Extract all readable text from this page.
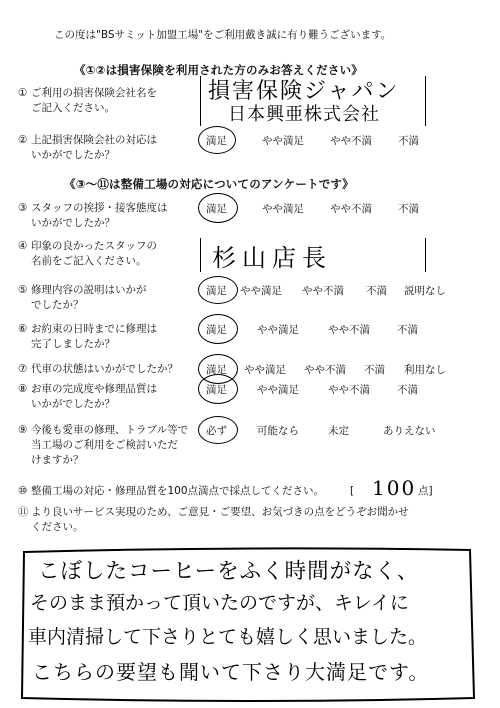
この度は"BSサミット加盟工場"をご利用戴き誠に有り難うございます。
《①②は損害保険を利用された方のみお答えください》
① ご利用の損害保険会社名を
ご記入ください。
損害保険ジャパン
日本興亜株式会社
② 上記損害保険会社の対応は
いかがでしたか？
満足	やや満足 やや不満 不満
《③～⑪は整備工場の対応についてのアンケートです》
③ スタッフの挨拶・接客態度は
いかがでしたか？
満足	やや満足 やや不満 不満
④ 印象の良かったスタッフの
名前をご記入ください。	杉山店長
⑤ 修理内容の説明はいかが
でしたか？
満足 やや満足 やや不満 不満 説明なし
⑥ お約束の日時までに修理は
完了しましたか？
満足	やや満足	やや不満	不満
⑦ 代車の状態はいかがでしたか？	満足 やや満足 やや不満 不満 利用なし
⑧ お車の完成度や修理品質は
いかがでしたか？
満足	やや満足	やや不満	不満
⑨ 今後も愛車の修理、トラブル等で
当工場のご利用をご検討いただ
けますか？
必ず	可能なら	未定	ありえない
⑩ 整備工場の対応・修理品質を100点満点で採点してください。 [ 100 点]
⑪ より良いサービス実現のため、ご意見・ご要望、お気づきの点をどうぞお聞かせ
ください。
こぼしたコーヒーをふく時間がなく、
そのまま預かって頂いたのですが、キレイに
車内清掃して下さりとても嬉しく思いました。
こちらの要望も聞いて下さり大満足です。
